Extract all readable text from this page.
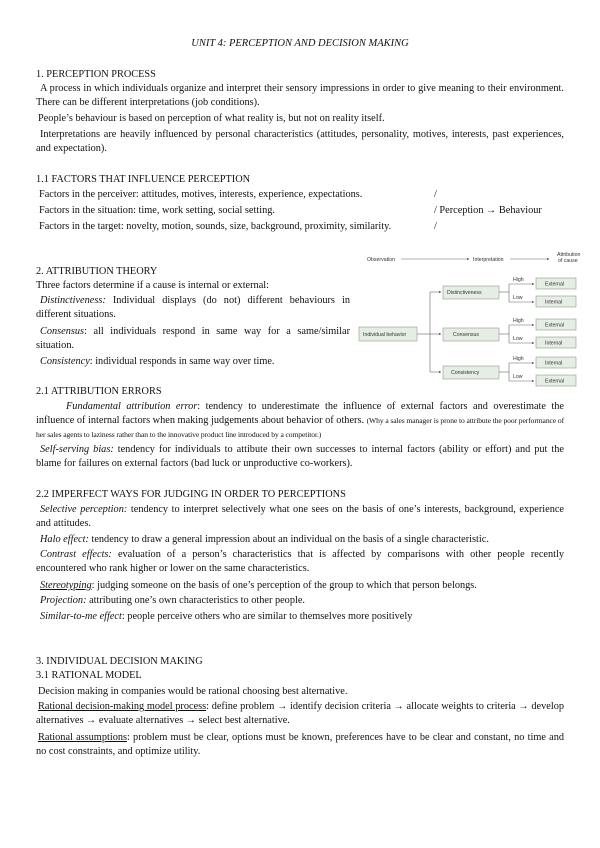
UNIT 4: PERCEPTION AND DECISION MAKING
1. PERCEPTION PROCESS
A process in which individuals organize and interpret their sensory impressions in order to give meaning to their environment. There can be different interpretations (job conditions).
People’s behaviour is based on perception of what reality is, but not on reality itself.
Interpretations are heavily influenced by personal characteristics (attitudes, personality, motives, interests, past experiences, and expectation).
1.1 FACTORS THAT INFLUENCE PERCEPTION
Factors in the perceiver: attitudes, motives, interests, experience, expectations.
Factors in the situation: time, work setting, social setting.
Factors in the target: novelty, motion, sounds, size, background, proximity, similarity.
/
/ Perception → Behaviour
/
2. ATTRIBUTION THEORY
Three factors determine if a cause is internal or external:
Distinctiveness: Individual displays (do not) different behaviours in different situations.
Consensus: all individuals respond in same way for a same/similar situation.
Consistency: individual responds in same way over time.
Observation	Interpretation
Attribution
of cause
Individual behavior
Distinctiveness
Consensus
Consistency
High
Low
High
Low
High
Low
External
Internal
External
Internal
Internal
External
2.1 ATTRIBUTION ERRORS
Fundamental attribution error: tendency to underestimate the influence of external factors and overestimate the influence of internal factors when making judgements about behavior of others. (Why a sales manager is prone to attribute the poor performance of her sales agents to laziness rather than to the innovative product line introduced by a competitor.)
Self-serving bias: tendency for individuals to attibute their own successes to internal factors (ability or effort) and put the blame for failures on external factors (bad luck or unproductive co-workers).
2.2 IMPERFECT WAYS FOR JUDGING IN ORDER TO PERCEPTIONS
Selective perception: tendency to interpret selectively what one sees on the basis of one’s interests, background, experience and attitudes.
Halo effect: tendency to draw a general impression about an individual on the basis of a single characteristic.
Contrast effects: evaluation of a person’s characteristics that is affected by comparisons with other people recently encountered who rank higher or lower on the same characteristics.
Stereotyping: judging someone on the basis of one’s perception of the group to which that person belongs.
Projection: attributing one’s own characteristics to other people.
Similar-to-me effect: people perceive others who are similar to themselves more positively
3. INDIVIDUAL DECISION MAKING
3.1 RATIONAL MODEL
Decision making in companies would be rational choosing best alternative.
Rational decision-making model process: define problem → identify decision criteria → allocate weights to criteria → develop alternatives → evaluate alternatives → select best alternative.
Rational assumptions: problem must be clear, options must be known, preferences have to be clear and constant, no time and no cost constraints, and optimize utility.
